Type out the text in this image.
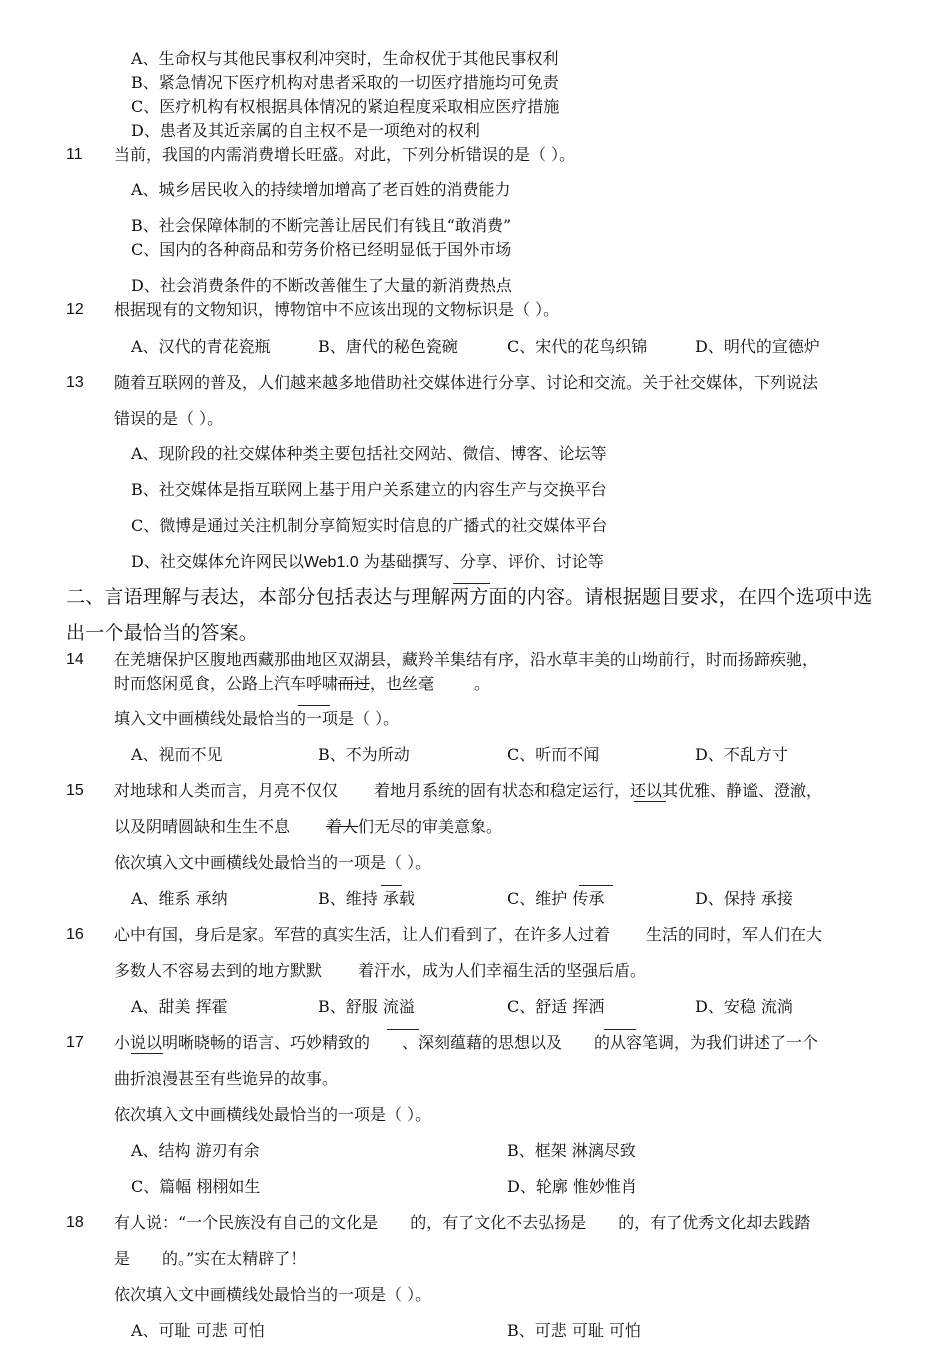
A、生命权与其他民事权利冲突时，生命权优于其他民事权利
B、紧急情况下医疗机构对患者采取的一切医疗措施均可免责
C、医疗机构有权根据具体情况的紧迫程度采取相应医疗措施
D、患者及其近亲属的自主权不是一项绝对的权利
11 当前，我国的内需消费增长旺盛。对此，下列分析错误的是（ ）。
A、城乡居民收入的持续增加增高了老百姓的消费能力
B、社会保障体制的不断完善让居民们有钱且“敢消费”
C、国内的各种商品和劳务价格已经明显低于国外市场
D、社会消费条件的不断改善催生了大量的新消费热点
12 根据现有的文物知识，博物馆中不应该出现的文物标识是（ ）。
A、汉代的青花瓷瓶	B、唐代的秘色瓷碗	C、宋代的花鸟织锦	D、明代的宣德炉
13 随着互联网的普及，人们越来越多地借助社交媒体进行分享、讨论和交流。关于社交媒体，下列说法
错误的是（ ）。
A、现阶段的社交媒体种类主要包括社交网站、微信、博客、论坛等
B、社交媒体是指互联网上基于用户关系建立的内容生产与交换平台
C、微博是通过关注机制分享简短实时信息的广播式的社交媒体平台
D、社交媒体允许网民以Web1.0 为基础撰写、分享、评价、讨论等
二、言语理解与表达，本部分包括表达与理解两方面的内容。请根据题目要求，在四个选项中选
出一个最恰当的答案。
14 在羌塘保护区腹地西藏那曲地区双湖县，藏羚羊集结有序，沿水草丰美的山坳前行，时而扬蹄疾驰，
时而悠闲觅食，公路上汽车呼啸而过，也丝毫	。
填入文中画横线处最恰当的一项是（ ）。
A、视而不见	B、不为所动	C、听而不闻	D、不乱方寸
15 对地球和人类而言，月亮不仅仅 着地月系统的固有状态和稳定运行，还以其优雅、静谧、澄澈，
以及阴晴圆缺和生生不息 着人们无尽的审美意象。
依次填入文中画横线处最恰当的一项是（ ）。
A、维系 承纳	B、维持 承载	C、维护 传承	D、保持 承接
16 心中有国，身后是家。军营的真实生活，让人们看到了，在许多人过着 生活的同时，军人们在大
多数人不容易去到的地方默默 着汗水，成为人们幸福生活的坚强后盾。
A、甜美 挥霍	B、舒服 流溢	C、舒适 挥洒	D、安稳 流淌
17 小说以明晰晓畅的语言、巧妙精致的 、深刻蕴藉的思想以及 的从容笔调，为我们讲述了一个
曲折浪漫甚至有些诡异的故事。
依次填入文中画横线处最恰当的一项是（ ）。
A、结构 游刃有余	B、框架 淋漓尽致
C、篇幅 栩栩如生	D、轮廓 惟妙惟肖
18 有人说：“一个民族没有自己的文化是 的，有了文化不去弘扬是 的，有了优秀文化却去践踏
是 的。”实在太精辟了！
依次填入文中画横线处最恰当的一项是（ ）。
A、可耻 可悲 可怕	B、可悲 可耻 可怕
